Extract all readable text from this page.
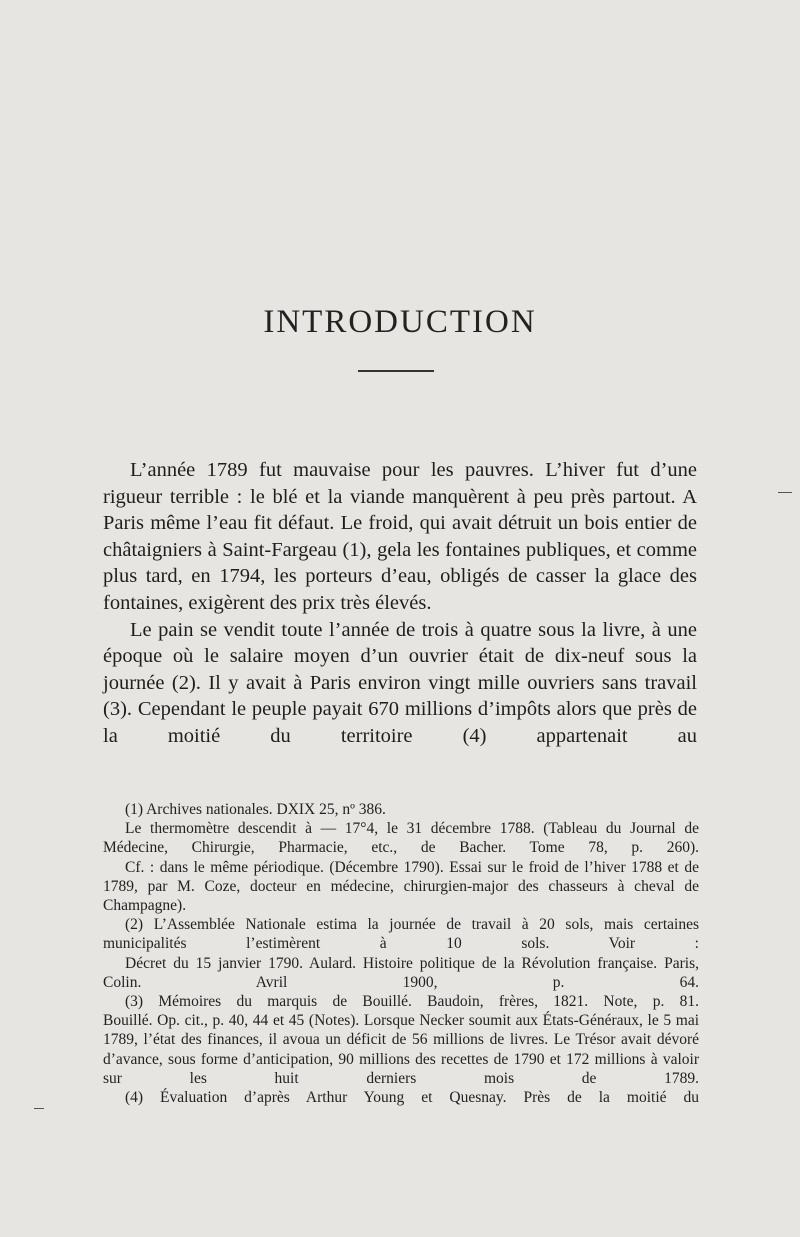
INTRODUCTION

L’année 1789 fut mauvaise pour les pauvres. L’hiver fut d’une rigueur terrible : le blé et la viande manquèrent à peu près partout. A Paris même l’eau fit défaut. Le froid, qui avait détruit un bois entier de châtaigniers à Saint-Fargeau (1), gela les fontaines publiques, et comme plus tard, en 1794, les porteurs d’eau, obligés de casser la glace des fontaines, exigèrent des prix très élevés.

Le pain se vendit toute l’année de trois à quatre sous la livre, à une époque où le salaire moyen d’un ouvrier était de dix-neuf sous la journée (2). Il y avait à Paris environ vingt mille ouvriers sans travail (3). Cependant le peuple payait 670 millions d’impôts alors que près de la moitié du territoire (4) appartenait au

(1) Archives nationales. DXIX 25, nº 386.

Le thermomètre descendit à — 17°4, le 31 décembre 1788. (Tableau du Journal de Médecine, Chirurgie, Pharmacie, etc., de Bacher. Tome 78, p. 260).

Cf. : dans le même périodique. (Décembre 1790). Essai sur le froid de l’hiver 1788 et de 1789, par M. Coze, docteur en médecine, chirurgien-major des chasseurs à cheval de Champagne).

(2) L’Assemblée Nationale estima la journée de travail à 20 sols, mais certaines municipalités l’estimèrent à 10 sols. Voir :

Décret du 15 janvier 1790. Aulard. Histoire politique de la Révolution française. Paris, Colin. Avril 1900, p. 64.

(3) Mémoires du marquis de Bouillé. Baudoin, frères, 1821. Note, p. 81.

Bouillé. Op. cit., p. 40, 44 et 45 (Notes). Lorsque Necker soumit aux États-Généraux, le 5 mai 1789, l’état des finances, il avoua un déficit de 56 millions de livres. Le Trésor avait dévoré d’avance, sous forme d’anticipation, 90 millions des recettes de 1790 et 172 millions à valoir sur les huit derniers mois de 1789.

(4) Évaluation d’après Arthur Young et Quesnay. Près de la moitié du
